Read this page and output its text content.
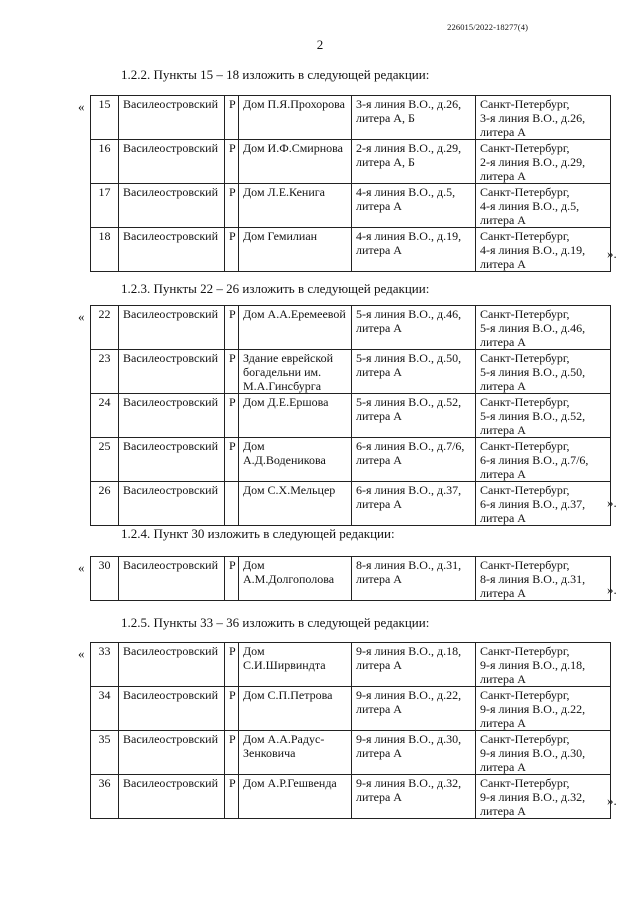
226015/2022-18277(4)
2
1.2.2. Пункты 15 – 18 изложить в следующей редакции:
« 15	Василеостровский	Р	Дом П.Я.Прохорова	3-я линия В.О., д.26,
литера А, Б	Санкт-Петербург,
3-я линия В.О., д.26,
литера А
16	Василеостровский	Р	Дом И.Ф.Смирнова	2-я линия В.О., д.29,
литера А, Б	Санкт-Петербург,
2-я линия В.О., д.29,
литера А
17	Василеостровский	Р	Дом Л.Е.Кенига	4-я линия В.О., д.5,
литера А	Санкт-Петербург,
4-я линия В.О., д.5,
литера А
18	Василеостровский	Р	Дом Гемилиан	4-я линия В.О., д.19,
литера А	Санкт-Петербург,
4-я линия В.О., д.19,
литера А
».
1.2.3. Пункты 22 – 26 изложить в следующей редакции:
« 22	Василеостровский	Р	Дом А.А.Еремеевой	5-я линия В.О., д.46,
литера А	Санкт-Петербург,
5-я линия В.О., д.46,
литера А
23	Василеостровский	Р	Здание еврейской
богадельни им.
М.А.Гинсбурга	5-я линия В.О., д.50,
литера А	Санкт-Петербург,
5-я линия В.О., д.50,
литера А
24	Василеостровский	Р	Дом Д.Е.Ершова	5-я линия В.О., д.52,
литера А	Санкт-Петербург,
5-я линия В.О., д.52,
литера А
25	Василеостровский	Р	Дом
А.Д.Воденикова	6-я линия В.О., д.7/6,
литера А	Санкт-Петербург,
6-я линия В.О., д.7/6,
литера А
26	Василеостровский		Дом С.Х.Мельцер	6-я линия В.О., д.37,
литера А	Санкт-Петербург,
6-я линия В.О., д.37,
литера А
».
1.2.4. Пункт 30 изложить в следующей редакции:
« 30	Василеостровский	Р	Дом
А.М.Долгополова	8-я линия В.О., д.31,
литера А	Санкт-Петербург,
8-я линия В.О., д.31,
литера А	».
1.2.5. Пункты 33 – 36 изложить в следующей редакции:
« 33	Василеостровский	Р	Дом
С.И.Ширвиндта	9-я линия В.О., д.18,
литера А	Санкт-Петербург,
9-я линия В.О., д.18,
литера А
34	Василеостровский	Р	Дом С.П.Петрова	9-я линия В.О., д.22,
литера А	Санкт-Петербург,
9-я линия В.О., д.22,
литера А
35	Василеостровский	Р	Дом А.А.Радус-
Зенковича	9-я линия В.О., д.30,
литера А	Санкт-Петербург,
9-я линия В.О., д.30,
литера А
36	Василеостровский	Р	Дом А.Р.Гешвенда	9-я линия В.О., д.32,
литера А	Санкт-Петербург,
9-я линия В.О., д.32,
литера А
».
